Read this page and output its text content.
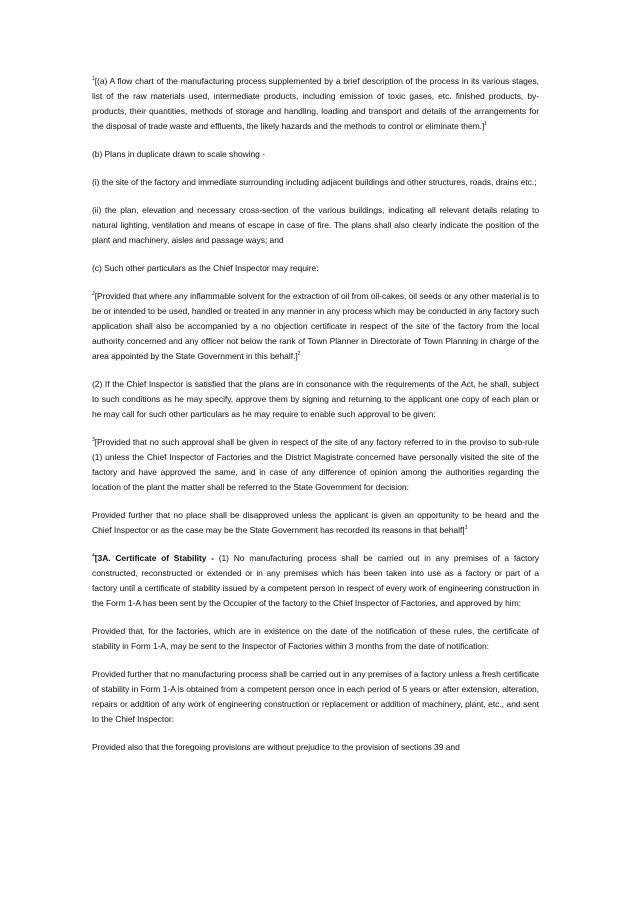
$^1$[(a) A flow chart of the manufacturing process supplemented by a brief description of the process in its various stages, list of the raw materials used, intermediate products, including emission of toxic gases, etc. finished products, by-products, their quantities, methods of storage and handling, loading and transport and details of the arrangements for the disposal of trade waste and effluents, the likely hazards and the methods to control or eliminate them.]$^1$

(b) Plans in duplicate drawn to scale showing -

(i) the site of the factory and immediate surrounding including adjacent buildings and other structures, roads, drains etc.;

(ii) the plan, elevation and necessary cross-section of the various buildings, indicating all relevant details relating to natural lighting, ventilation and means of escape in case of fire. The plans shall also clearly indicate the position of the plant and machinery, aisles and passage ways; and

(c) Such other particulars as the Chief Inspector may require:

$^2$[Provided that where any inflammable solvent for the extraction of oil from oil-cakes, oil seeds or any other material is to be or intended to be used, handled or treated in any manner in any process which may be conducted in any factory such application shall also be accompanied by a no objection certificate in respect of the site of the factory from the local authority concerned and any officer not below the rank of Town Planner in Directorate of Town Planning in charge of the area appointed by the State Government in this behalf.]$^2$

(2) If the Chief Inspector is satisfied that the plans are in consonance with the requirements of the Act, he shall, subject to such conditions as he may specify, approve them by signing and returning to the applicant one copy of each plan or he may call for such other particulars as he may require to enable such approval to be given:

$^3$[Provided that no such approval shall be given in respect of the site of any factory referred to in the proviso to sub-rule (1) unless the Chief Inspector of Factories and the District Magistrate concerned have personally visited the site of the factory and have approved the same, and in case of any difference of opinion among the authorities regarding the location of the plant the matter shall be referred to the State Government for decision:

Provided further that no place shall be disapproved unless the applicant is given an opportunity to be heard and the Chief Inspector or as the case may be the State Government has recorded its reasons in that behalf]$^3$

$^4$[3A. Certificate of Stability - (1) No manufacturing process shall be carried out in any premises of a factory constructed, reconstructed or extended or in any premises which has been taken into use as a factory or part of a factory until a certificate of stability issued by a competent person in respect of every work of engineering construction in the Form 1-A has been sent by the Occupier of the factory to the Chief Inspector of Factories, and approved by him:

Provided that, for the factories, which are in existence on the date of the notification of these rules, the certificate of stability in Form 1-A, may be sent to the Inspector of Factories within 3 months from the date of notification:

Provided further that no manufacturing process shall be carried out in any premises of a factory unless a fresh certificate of stability in Form 1-A is obtained from a competent person once in each period of 5 years or after extension, alteration, repairs or addition of any work of engineering construction or replacement or addition of machinery, plant, etc., and sent to the Chief Inspector:

Provided also that the foregoing provisions are without prejudice to the provision of sections 39 and
